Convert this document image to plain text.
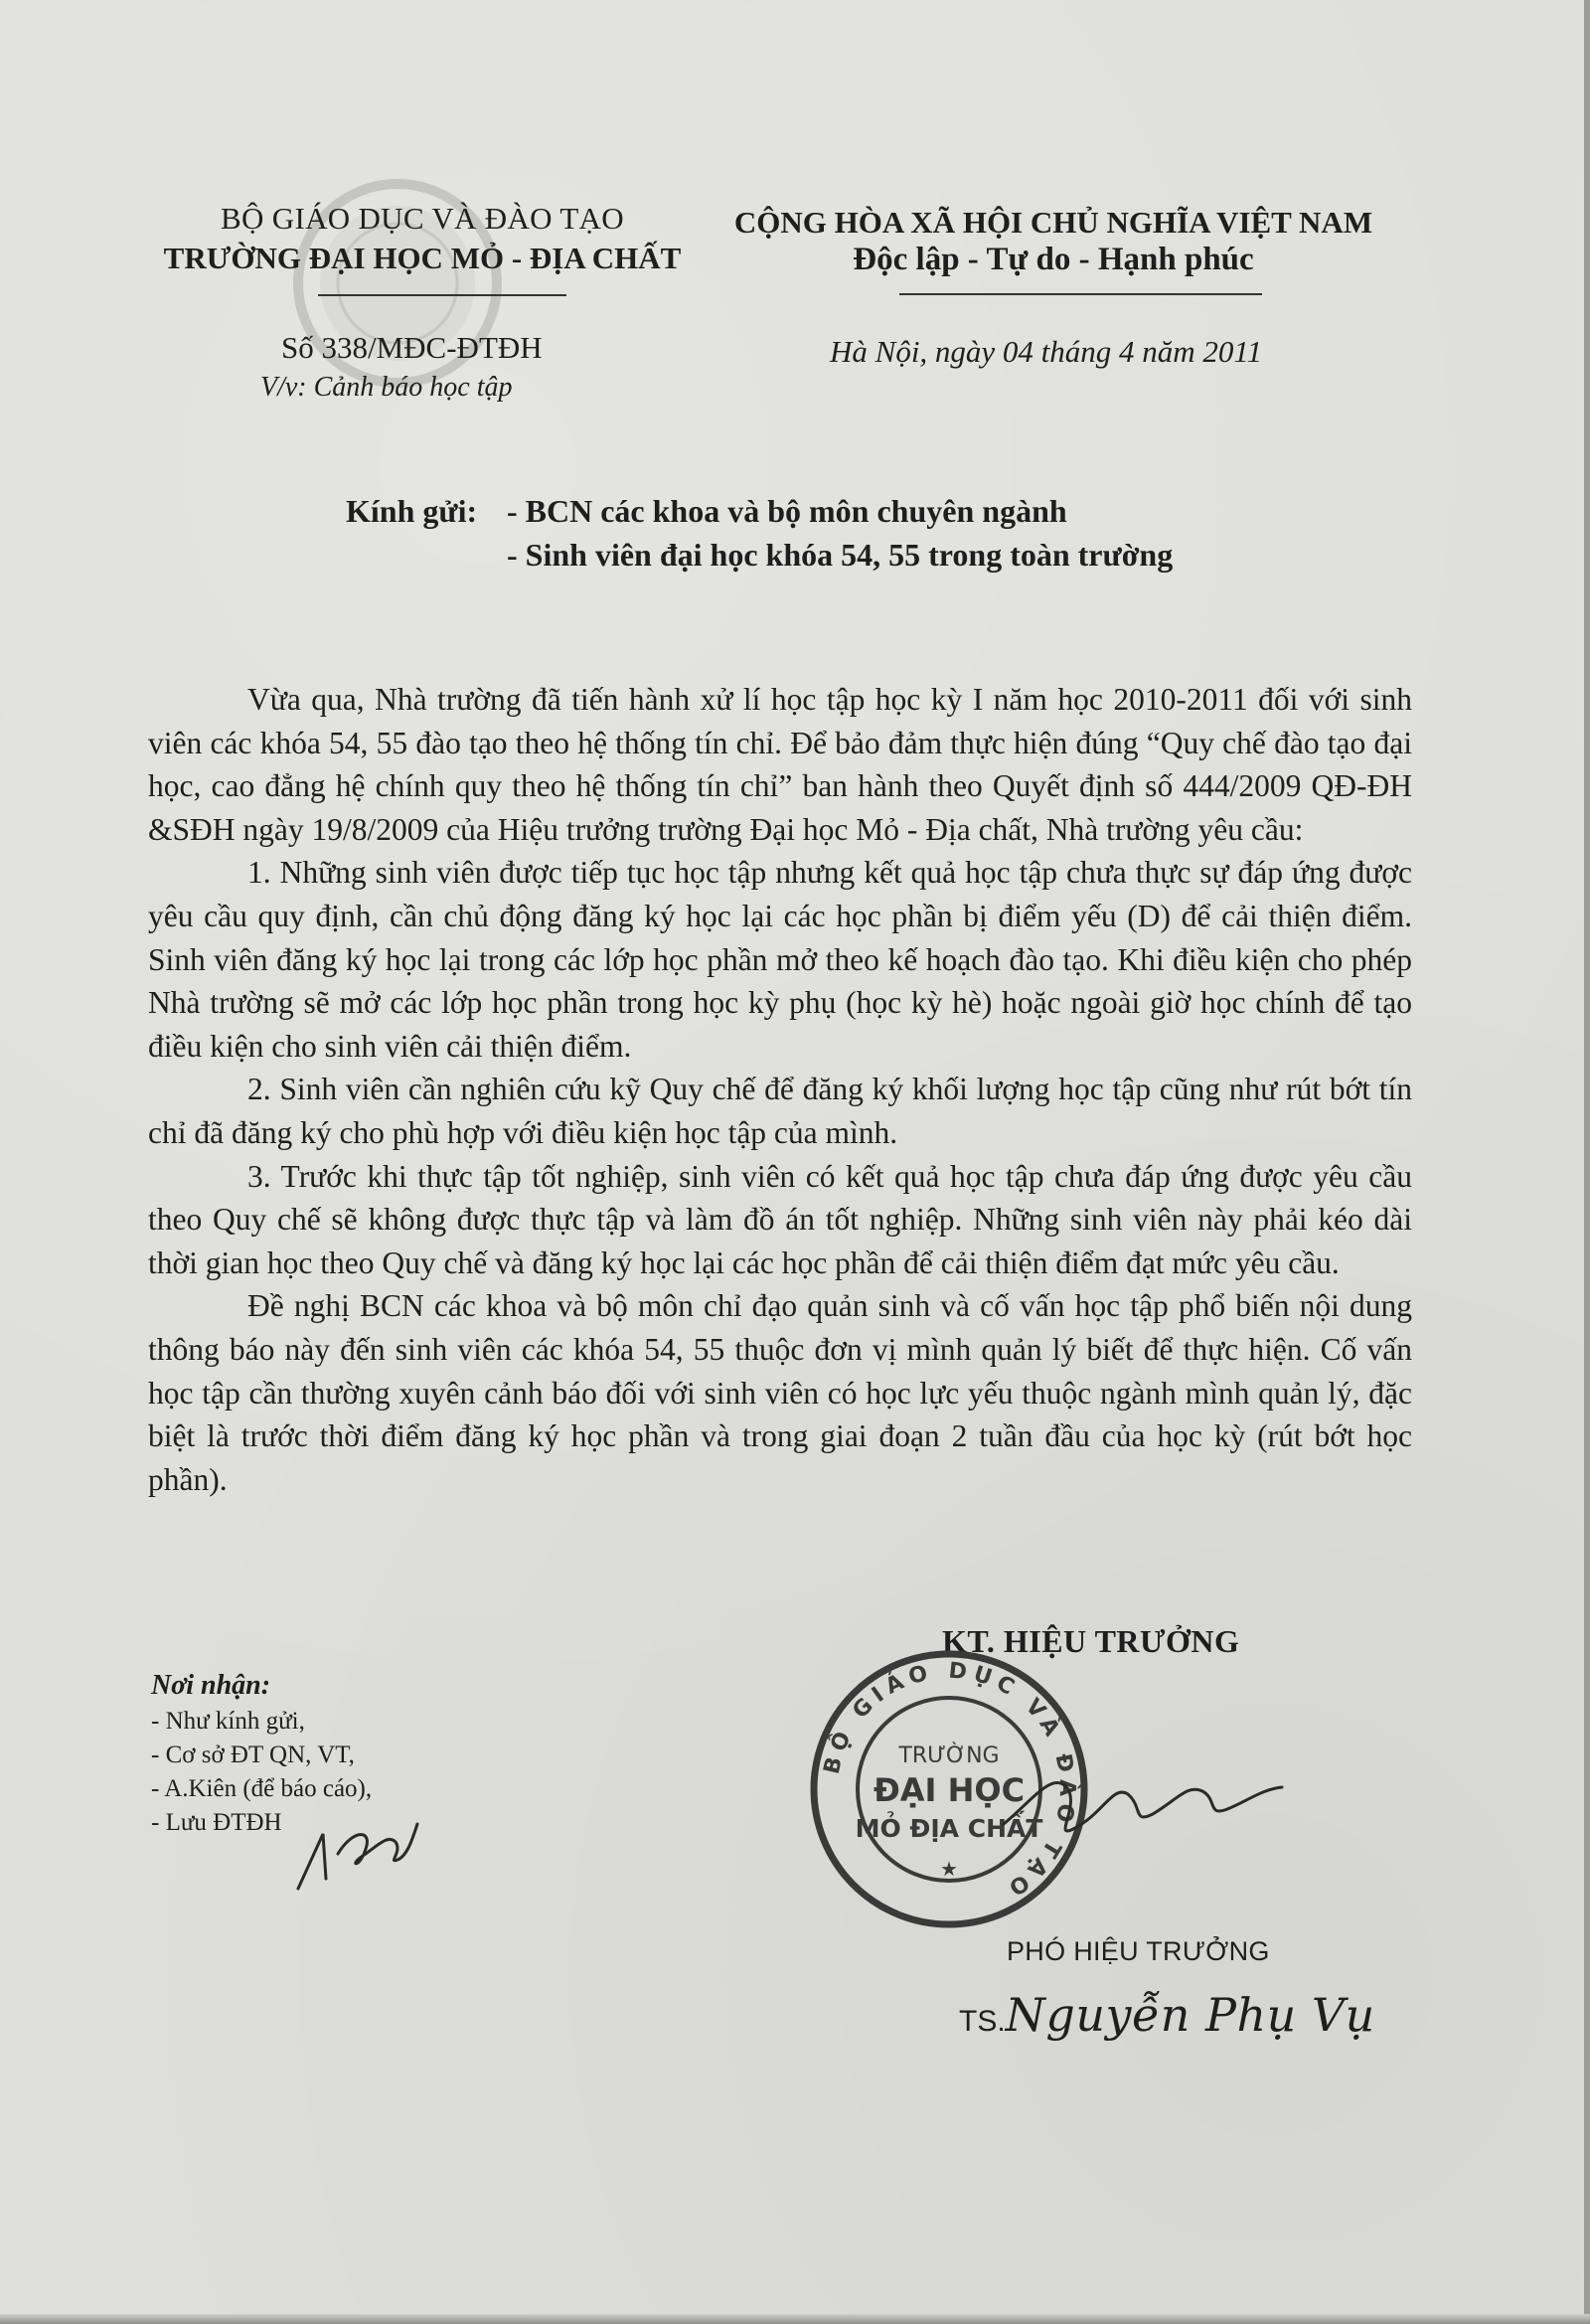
BỘ GIÁO DỤC VÀ ĐÀO TẠO
TRƯỜNG ĐẠI HỌC MỎ - ĐỊA CHẤT
CỘNG HÒA XÃ HỘI CHỦ NGHĨA VIỆT NAM
Độc lập - Tự do - Hạnh phúc
Số 338/MĐC-ĐTĐH
V/v: Cảnh báo học tập
Hà Nội, ngày 04 tháng 4 năm 2011
Kính gửi: - BCN các khoa và bộ môn chuyên ngành
- Sinh viên đại học khóa 54, 55 trong toàn trường

Vừa qua, Nhà trường đã tiến hành xử lí học tập học kỳ I năm học 2010-2011 đối với sinh viên các khóa 54, 55 đào tạo theo hệ thống tín chỉ. Để bảo đảm thực hiện đúng “Quy chế đào tạo đại học, cao đẳng hệ chính quy theo hệ thống tín chỉ” ban hành theo Quyết định số 444/2009 QĐ-ĐH &SĐH ngày 19/8/2009 của Hiệu trưởng trường Đại học Mỏ - Địa chất, Nhà trường yêu cầu:

1. Những sinh viên được tiếp tục học tập nhưng kết quả học tập chưa thực sự đáp ứng được yêu cầu quy định, cần chủ động đăng ký học lại các học phần bị điểm yếu (D) để cải thiện điểm. Sinh viên đăng ký học lại trong các lớp học phần mở theo kế hoạch đào tạo. Khi điều kiện cho phép Nhà trường sẽ mở các lớp học phần trong học kỳ phụ (học kỳ hè) hoặc ngoài giờ học chính để tạo điều kiện cho sinh viên cải thiện điểm.

2. Sinh viên cần nghiên cứu kỹ Quy chế để đăng ký khối lượng học tập cũng như rút bớt tín chỉ đã đăng ký cho phù hợp với điều kiện học tập của mình.

3. Trước khi thực tập tốt nghiệp, sinh viên có kết quả học tập chưa đáp ứng được yêu cầu theo Quy chế sẽ không được thực tập và làm đồ án tốt nghiệp. Những sinh viên này phải kéo dài thời gian học theo Quy chế và đăng ký học lại các học phần để cải thiện điểm đạt mức yêu cầu.

Đề nghị BCN các khoa và bộ môn chỉ đạo quản sinh và cố vấn học tập phổ biến nội dung thông báo này đến sinh viên các khóa 54, 55 thuộc đơn vị mình quản lý biết để thực hiện. Cố vấn học tập cần thường xuyên cảnh báo đối với sinh viên có học lực yếu thuộc ngành mình quản lý, đặc biệt là trước thời điểm đăng ký học phần và trong giai đoạn 2 tuần đầu của học kỳ (rút bớt học phần).

KT. HIỆU TRƯỞNG
BỘ GIÁO DỤC VÀ ĐÀO TẠO
TRƯỜNG
ĐẠI HỌC
MỎ ĐỊA CHẤT
★
PHÓ HIỆU TRƯỞNG
TS.Nguyễn Phụ Vụ
Nơi nhận:
- Như kính gửi,
- Cơ sở ĐT QN, VT,
- A.Kiên (để báo cáo),
- Lưu ĐTĐH
